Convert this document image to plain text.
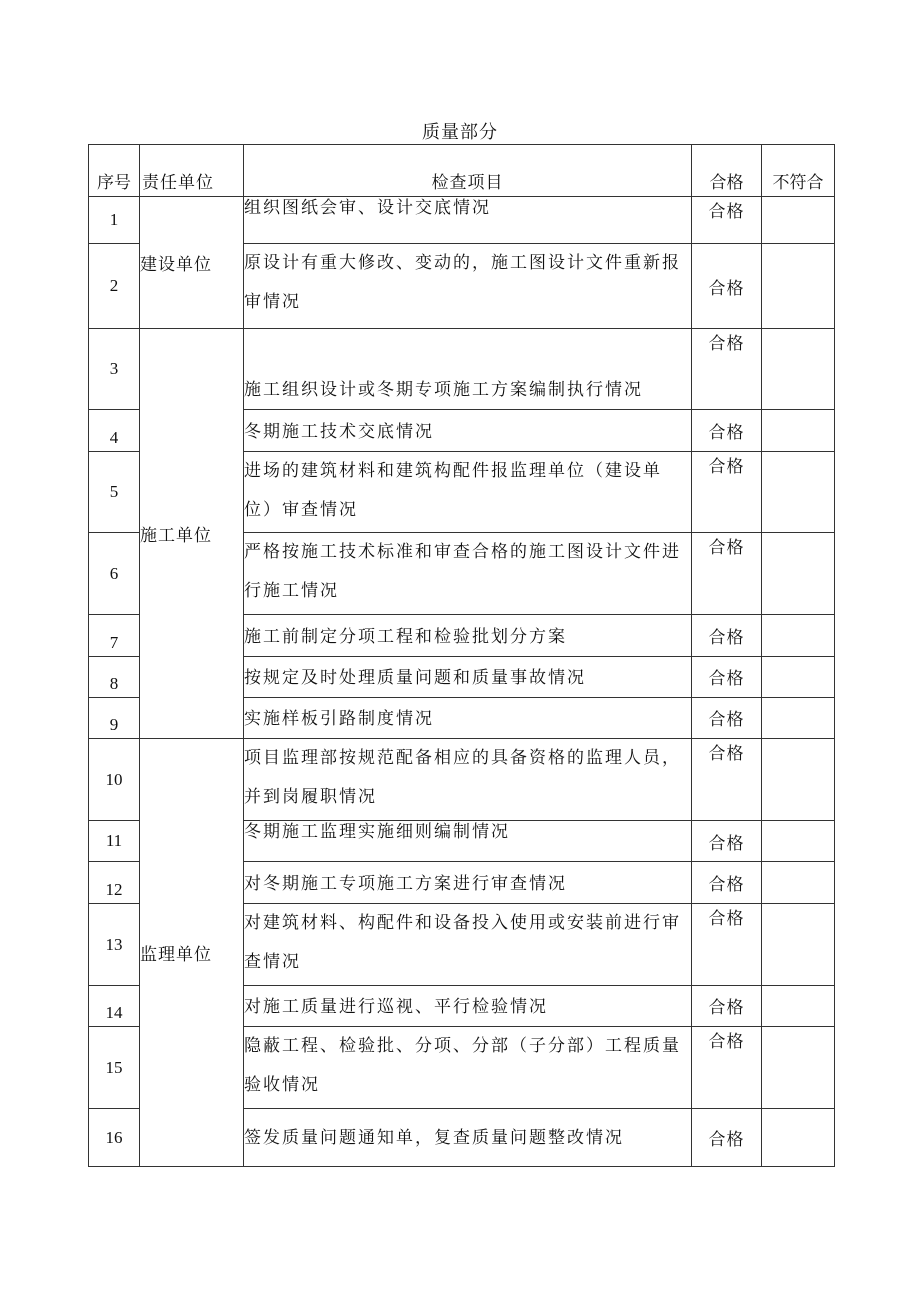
质量部分
序号	责任单位	检查项目	合格	不符合
1	建设单位	组织图纸会审、设计交底情况	合格	
2		原设计有重大修改、变动的，施工图设计文件重新报审情况	合格	
3	施工单位	施工组织设计或冬期专项施工方案编制执行情况	合格	
4		冬期施工技术交底情况	合格	
5		进场的建筑材料和建筑构配件报监理单位（建设单位）审查情况	合格	
6		严格按施工技术标准和审查合格的施工图设计文件进行施工情况	合格	
7		施工前制定分项工程和检验批划分方案	合格	
8		按规定及时处理质量问题和质量事故情况	合格	
9		实施样板引路制度情况	合格	
10	监理单位	项目监理部按规范配备相应的具备资格的监理人员，并到岗履职情况	合格	
11		冬期施工监理实施细则编制情况	合格	
12		对冬期施工专项施工方案进行审查情况	合格	
13		对建筑材料、构配件和设备投入使用或安装前进行审查情况	合格	
14		对施工质量进行巡视、平行检验情况	合格	
15		隐蔽工程、检验批、分项、分部（子分部）工程质量验收情况	合格	
16		签发质量问题通知单，复查质量问题整改情况	合格	
